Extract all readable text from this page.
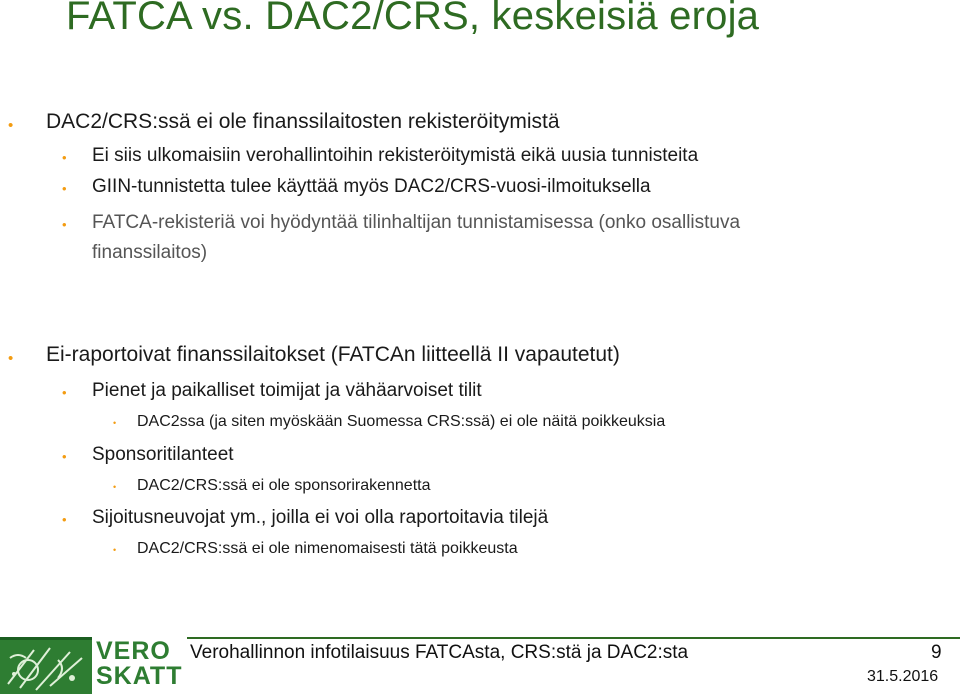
FATCA vs. DAC2/CRS, keskeisiä eroja
• DAC2/CRS:ssä ei ole finanssilaitosten rekisteröitymistä
• Ei siis ulkomaisiin verohallintoihin rekisteröitymistä eikä uusia tunnisteita
• GIIN-tunnistetta tulee käyttää myös DAC2/CRS-vuosi-ilmoituksella
• FATCA-rekisteriä voi hyödyntää tilinhaltijan tunnistamisessa (onko osallistuva
finanssilaitos)
• Ei-raportoivat finanssilaitokset (FATCAn liitteellä II vapautetut)
• Pienet ja paikalliset toimijat ja vähäarvoiset tilit
• DAC2ssa (ja siten myöskään Suomessa CRS:ssä) ei ole näitä poikkeuksia
• Sponsoritilanteet
• DAC2/CRS:ssä ei ole sponsorirakennetta
• Sijoitusneuvojat ym., joilla ei voi olla raportoitavia tilejä
• DAC2/CRS:ssä ei ole nimenomaisesti tätä poikkeusta
VERO
SKATT
Verohallinnon infotilaisuus FATCAsta, CRS:stä ja DAC2:sta	9
31.5.2016
